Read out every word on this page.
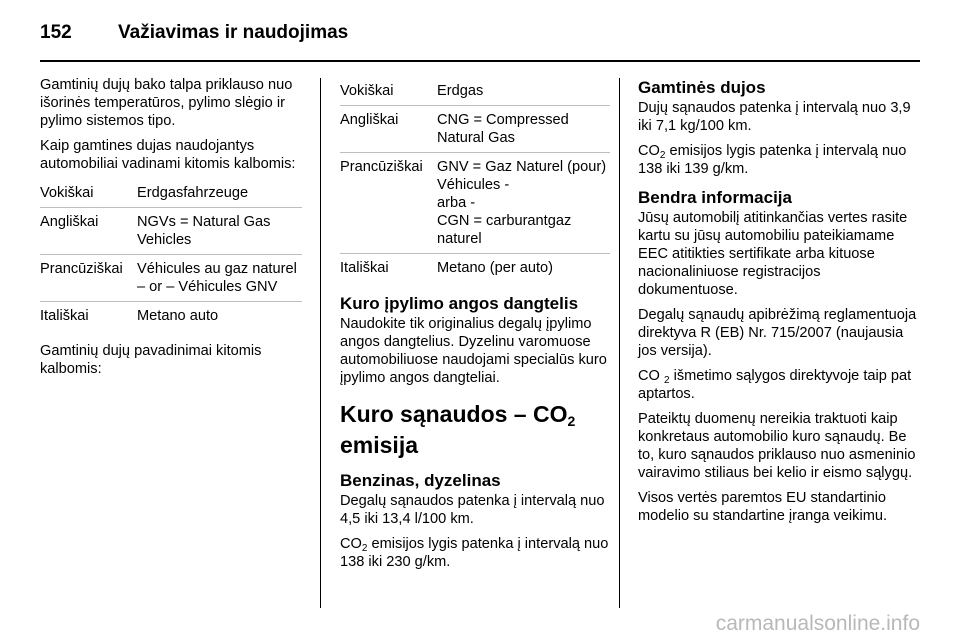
152 Važiavimas ir naudojimas

Gamtinių dujų bako talpa priklauso nuo išorinės temperatūros, pylimo slėgio ir pylimo sistemos tipo.

Kaip gamtines dujas naudojantys automobiliai vadinami kitomis kalbomis:

Vokiškai	Erdgasfahrzeuge
Angliškai	NGVs = Natural Gas Vehicles
Prancūziškai Véhicules au gaz naturel – or – Véhicules GNV
Itališkai	Metano auto

Gamtinių dujų pavadinimai kitomis kalbomis:

Vokiškai	Erdgas
Angliškai	CNG = Compressed Natural Gas
Prancūziškai GNV = Gaz Naturel (pour) Véhicules -
arba -
CGN = carburantgaz naturel
Itališkai	Metano (per auto)
Kuro įpylimo angos dangtelis

Naudokite tik originalius degalų įpylimo angos dangtelius. Dyzelinu varomuose automobiliuose naudojami specialūs kuro įpylimo angos dangteliai.

Kuro sąnaudos – $CO_2$
emisija
Benzinas, dyzelinas

Degalų sąnaudos patenka į intervalą nuo 4,5 iki 13,4 l/100 km.

$CO_2$ emisijos lygis patenka į intervalą nuo 138 iki 230 g/km.

Gamtinės dujos

Dujų sąnaudos patenka į intervalą nuo 3,9 iki 7,1 kg/100 km.

$CO_2$ emisijos lygis patenka į intervalą nuo 138 iki 139 g/km.

Bendra informacija

Jūsų automobilį atitinkančias vertes rasite kartu su jūsų automobiliu pateikiamame EEC atitikties sertifikate arba kituose nacionaliniuose registracijos dokumentuose.

Degalų sąnaudų apibrėžimą reglamentuoja direktyva R (EB) Nr. 715/2007 (naujausia jos versija).

CO $_2$ išmetimo sąlygos direktyvoje taip pat aptartos.

Pateiktų duomenų nereikia traktuoti kaip konkretaus automobilio kuro sąnaudų. Be to, kuro sąnaudos priklauso nuo asmeninio vairavimo stiliaus bei kelio ir eismo sąlygų.

Visos vertės paremtos EU standartinio modelio su standartine įranga veikimu.

carmanualsonline.info
